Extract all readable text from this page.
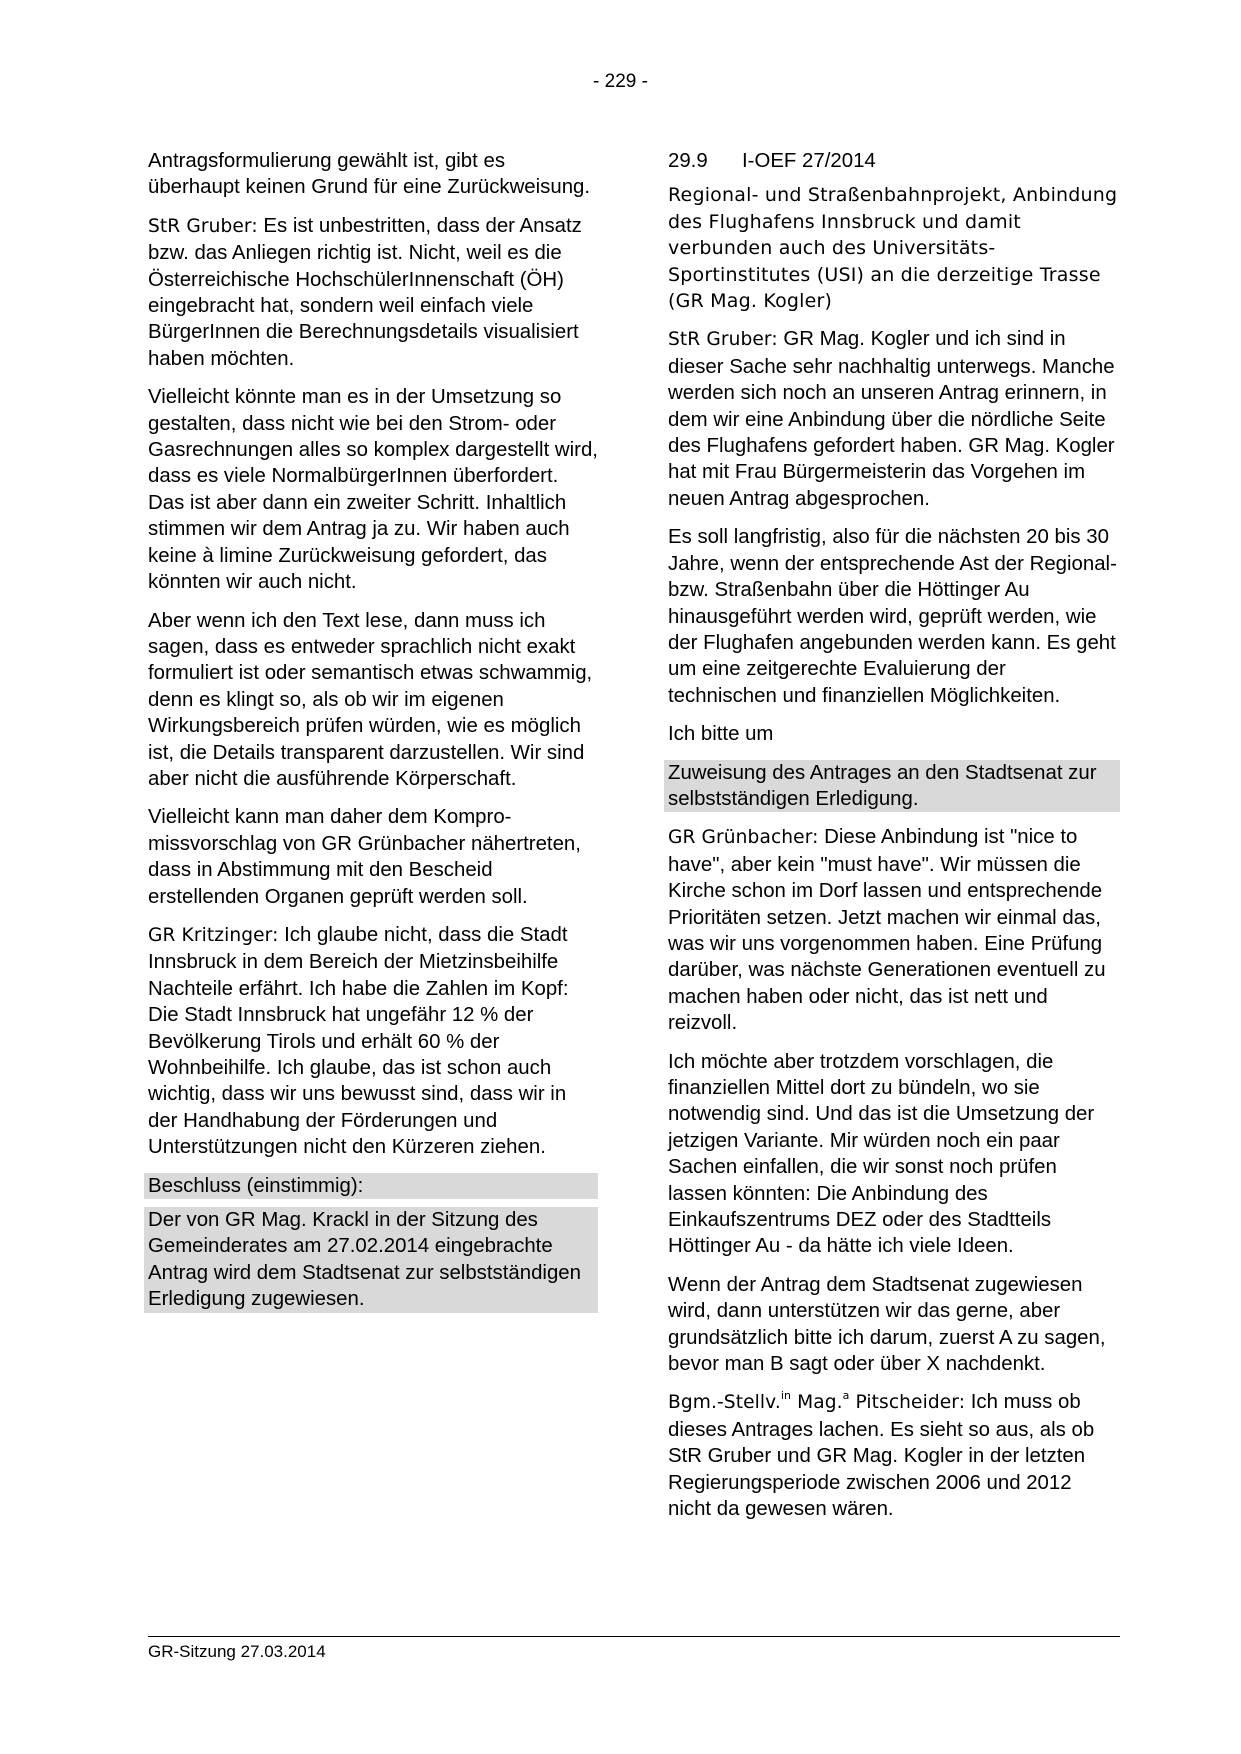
- 229 -

Antragsformulierung gewählt ist, gibt es überhaupt keinen Grund für eine Zurückweisung.

StR Gruber: Es ist unbestritten, dass der Ansatz bzw. das Anliegen richtig ist. Nicht, weil es die Österreichische HochschülerInnenschaft (ÖH) eingebracht hat, sondern weil einfach viele BürgerInnen die Berechnungsdetails visualisiert haben möchten.

Vielleicht könnte man es in der Umsetzung so gestalten, dass nicht wie bei den Strom- oder Gasrechnungen alles so komplex dargestellt wird, dass es viele NormalbürgerInnen überfordert. Das ist aber dann ein zweiter Schritt. Inhaltlich stimmen wir dem Antrag ja zu. Wir haben auch keine à limine Zurückweisung gefordert, das könnten wir auch nicht.

Aber wenn ich den Text lese, dann muss ich sagen, dass es entweder sprachlich nicht exakt formuliert ist oder semantisch etwas schwammig, denn es klingt so, als ob wir im eigenen Wirkungsbereich prüfen würden, wie es möglich ist, die Details transparent darzustellen. Wir sind aber nicht die ausführende Körperschaft.

Vielleicht kann man daher dem Kompromissvorschlag von GR Grünbacher nähertreten, dass in Abstimmung mit den Bescheid erstellenden Organen geprüft werden soll.

GR Kritzinger: Ich glaube nicht, dass die Stadt Innsbruck in dem Bereich der Mietzinsbeihilfe Nachteile erfährt. Ich habe die Zahlen im Kopf: Die Stadt Innsbruck hat ungefähr 12 % der Bevölkerung Tirols und erhält 60 % der Wohnbeihilfe. Ich glaube, das ist schon auch wichtig, dass wir uns bewusst sind, dass wir in der Handhabung der Förderungen und Unterstützungen nicht den Kürzeren ziehen.

Beschluss (einstimmig):

Der von GR Mag. Krackl in der Sitzung des Gemeinderates am 27.02.2014 eingebrachte Antrag wird dem Stadtsenat zur selbstständigen Erledigung zugewiesen.

29.9	I-OEF 27/2014

Regional- und Straßenbahnprojekt, Anbindung des Flughafens Innsbruck und damit verbunden auch des Universitäts-Sportinstitutes (USI) an die derzeitige Trasse (GR Mag. Kogler)

StR Gruber: GR Mag. Kogler und ich sind in dieser Sache sehr nachhaltig unterwegs. Manche werden sich noch an unseren Antrag erinnern, in dem wir eine Anbindung über die nördliche Seite des Flughafens gefordert haben. GR Mag. Kogler hat mit Frau Bürgermeisterin das Vorgehen im neuen Antrag abgesprochen.

Es soll langfristig, also für die nächsten 20 bis 30 Jahre, wenn der entsprechende Ast der Regional- bzw. Straßenbahn über die Höttinger Au hinausgeführt werden wird, geprüft werden, wie der Flughafen angebunden werden kann. Es geht um eine zeitgerechte Evaluierung der technischen und finanziellen Möglichkeiten.

Ich bitte um

Zuweisung des Antrages an den Stadtsenat zur selbstständigen Erledigung.

GR Grünbacher: Diese Anbindung ist "nice to have", aber kein "must have". Wir müssen die Kirche schon im Dorf lassen und entsprechende Prioritäten setzen. Jetzt machen wir einmal das, was wir uns vorgenommen haben. Eine Prüfung darüber, was nächste Generationen eventuell zu machen haben oder nicht, das ist nett und reizvoll.

Ich möchte aber trotzdem vorschlagen, die finanziellen Mittel dort zu bündeln, wo sie notwendig sind. Und das ist die Umsetzung der jetzigen Variante. Mir würden noch ein paar Sachen einfallen, die wir sonst noch prüfen lassen könnten: Die Anbindung des Einkaufszentrums DEZ oder des Stadtteils Höttinger Au - da hätte ich viele Ideen.

Wenn der Antrag dem Stadtsenat zugewiesen wird, dann unterstützen wir das gerne, aber grundsätzlich bitte ich darum, zuerst A zu sagen, bevor man B sagt oder über X nachdenkt.

Bgm.-Stellv.$^{in}$ Mag.$^a$ Pitscheider: Ich muss ob dieses Antrages lachen. Es sieht so aus, als ob StR Gruber und GR Mag. Kogler in der letzten Regierungsperiode zwischen 2006 und 2012 nicht da gewesen wären.

GR-Sitzung 27.03.2014
